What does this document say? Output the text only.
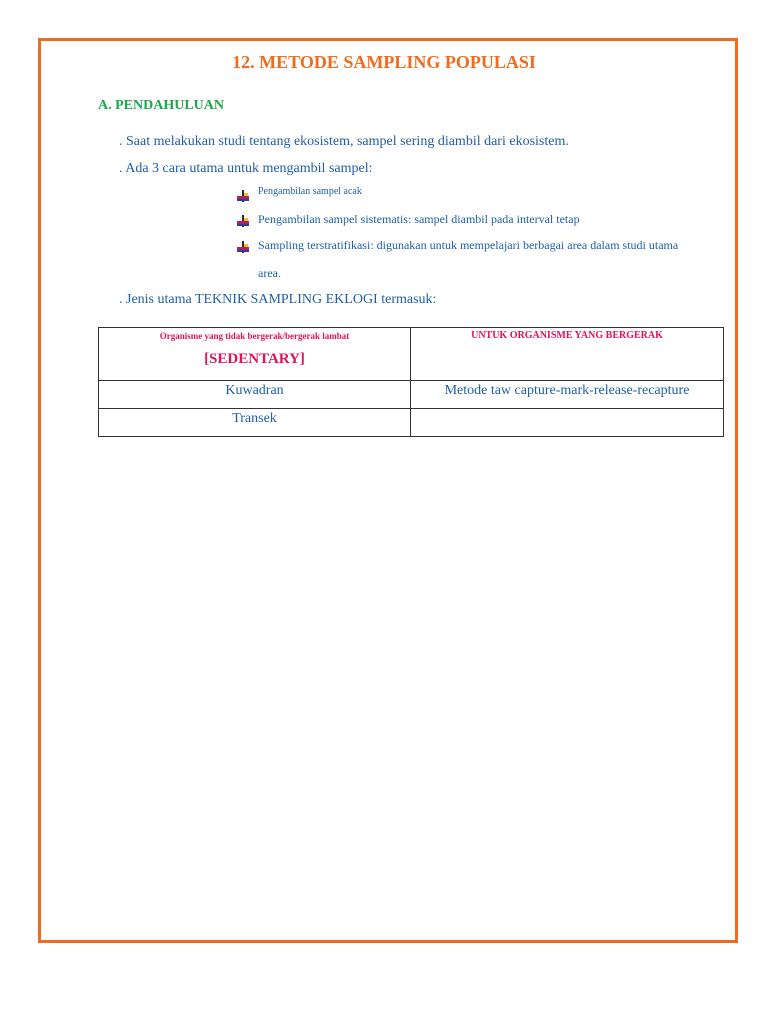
12. METODE SAMPLING POPULASI
A. PENDAHULUAN

. Saat melakukan studi tentang ekosistem, sampel sering diambil dari ekosistem.

. Ada 3 cara utama untuk mengambil sampel:

Pengambilan sampel acak
Pengambilan sampel sistematis: sampel diambil pada interval tetap
Sampling terstratifikasi: digunakan untuk mempelajari berbagai area dalam studi utama
area.

. Jenis utama TEKNIK SAMPLING EKLOGI termasuk:

Organisme yang tidak bergerak/bergerak lambat
[SEDENTARY]	UNTUK ORGANISME YANG BERGERAK

Kuwadran	Metode taw capture-mark-release-recapture
Transek	
